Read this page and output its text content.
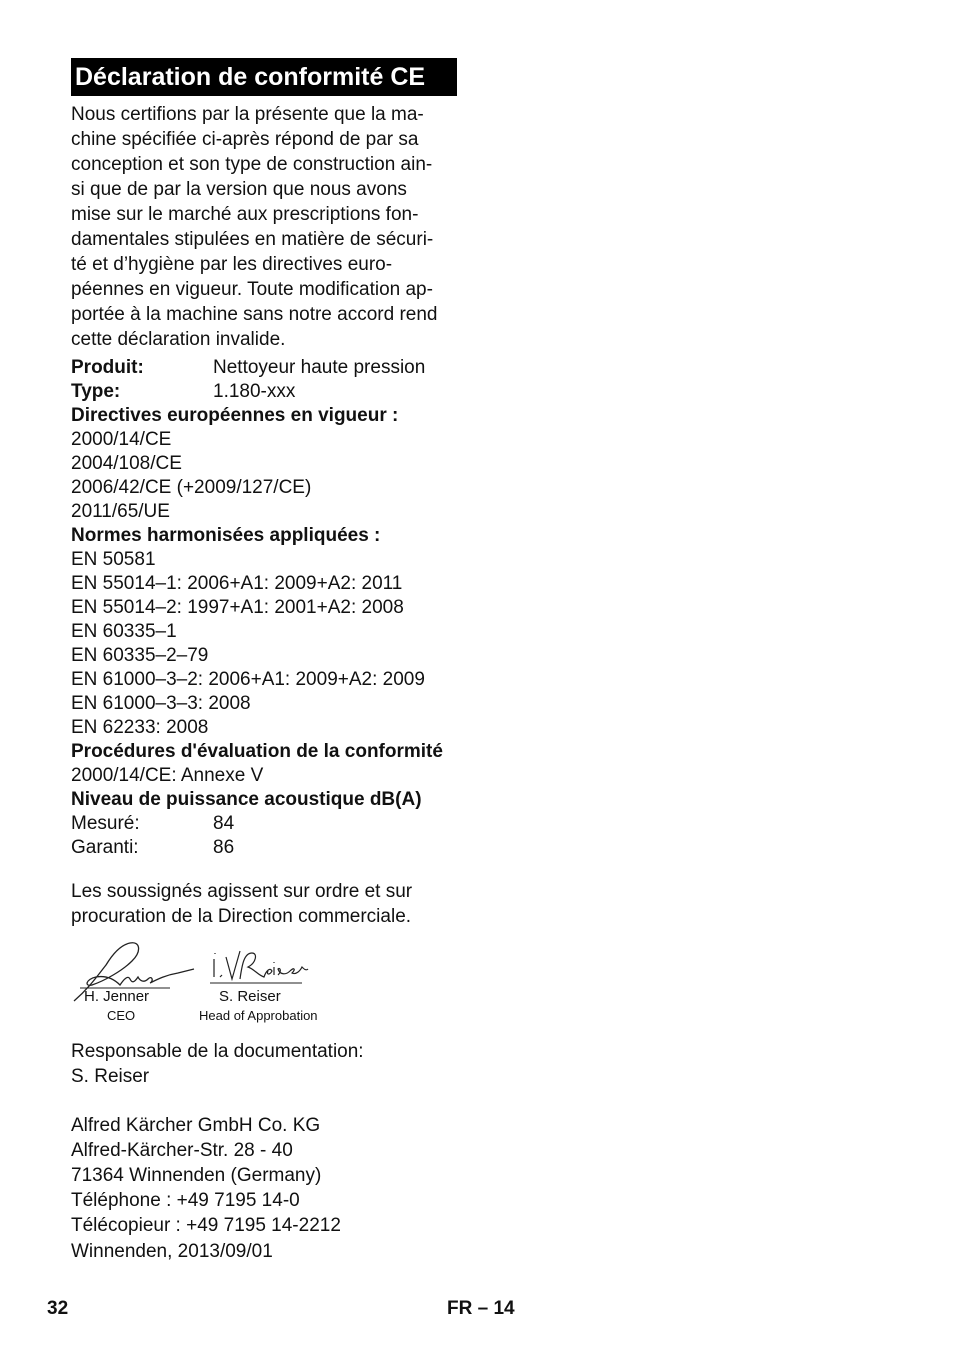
Déclaration de conformité CE
Nous certifions par la présente que la ma-
chine spécifiée ci-après répond de par sa
conception et son type de construction ain-
si que de par la version que nous avons
mise sur le marché aux prescriptions fon-
damentales stipulées en matière de sécuri-
té et d’hygiène par les directives euro-
péennes en vigueur. Toute modification ap-
portée à la machine sans notre accord rend
cette déclaration invalide.
Produit:	Nettoyeur haute pression
Type:	1.180-xxx
Directives européennes en vigueur :
2000/14/CE
2004/108/CE
2006/42/CE (+2009/127/CE)
2011/65/UE
Normes harmonisées appliquées :
EN 50581
EN 55014–1: 2006+A1: 2009+A2: 2011
EN 55014–2: 1997+A1: 2001+A2: 2008
EN 60335–1
EN 60335–2–79
EN 61000–3–2: 2006+A1: 2009+A2: 2009
EN 61000–3–3: 2008
EN 62233: 2008
Procédures d'évaluation de la conformité
2000/14/CE: Annexe V
Niveau de puissance acoustique dB(A)
Mesuré:	84
Garanti:	86
Les soussignés agissent sur ordre et sur
procuration de la Direction commerciale.
H. Jenner
CEO
S. Reiser
Head of Approbation
Responsable de la documentation:
S. Reiser
Alfred Kärcher GmbH Co. KG
Alfred-Kärcher-Str. 28 - 40
71364 Winnenden (Germany)
Téléphone : +49 7195 14-0
Télécopieur : +49 7195 14-2212
Winnenden, 2013/09/01
32	FR – 14
